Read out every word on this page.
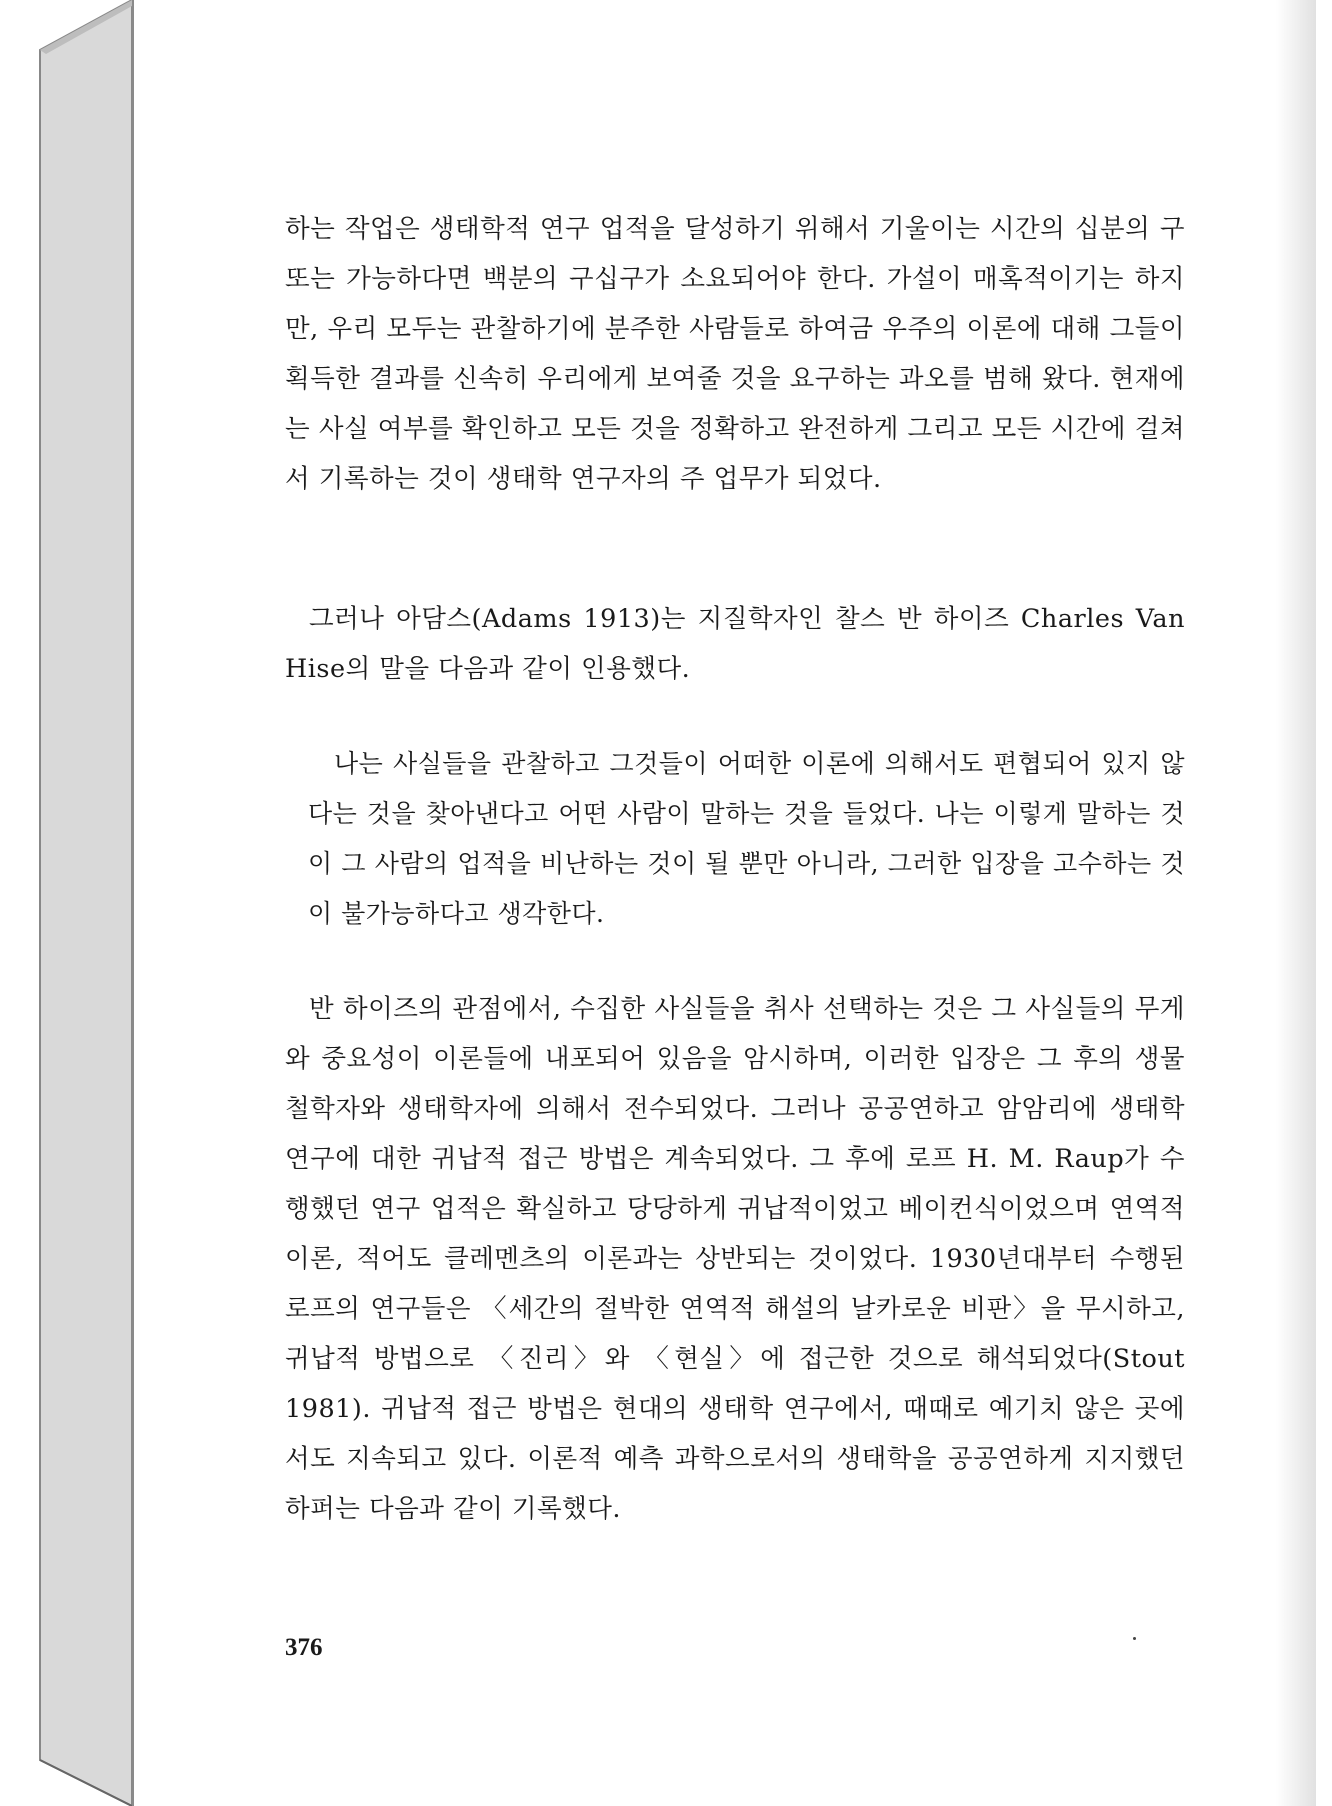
하는 작업은 생태학적 연구 업적을 달성하기 위해서 기울이는 시간의 십분의 구 또는 가능하다면 백분의 구십구가 소요되어야 한다. 가설이 매혹적이기는 하지만, 우리 모두는 관찰하기에 분주한 사람들로 하여금 우주의 이론에 대해 그들이 획득한 결과를 신속히 우리에게 보여줄 것을 요구하는 과오를 범해 왔다. 현재에는 사실 여부를 확인하고 모든 것을 정확하고 완전하게 그리고 모든 시간에 걸쳐서 기록하는 것이 생태학 연구자의 주 업무가 되었다.
그러나 아담스(Adams 1913)는 지질학자인 찰스 반 하이즈 Charles Van Hise의 말을 다음과 같이 인용했다.
나는 사실들을 관찰하고 그것들이 어떠한 이론에 의해서도 편협되어 있지 않다는 것을 찾아낸다고 어떤 사람이 말하는 것을 들었다. 나는 이렇게 말하는 것이 그 사람의 업적을 비난하는 것이 될 뿐만 아니라, 그러한 입장을 고수하는 것이 불가능하다고 생각한다.
반 하이즈의 관점에서, 수집한 사실들을 취사 선택하는 것은 그 사실들의 무게와 중요성이 이론들에 내포되어 있음을 암시하며, 이러한 입장은 그 후의 생물 철학자와 생태학자에 의해서 전수되었다. 그러나 공공연하고 암암리에 생태학 연구에 대한 귀납적 접근 방법은 계속되었다. 그 후에 로프 H. M. Raup가 수행했던 연구 업적은 확실하고 당당하게 귀납적이었고 베이컨식이었으며 연역적 이론, 적어도 클레멘츠의 이론과는 상반되는 것이었다. 1930년대부터 수행된 로프의 연구들은 〈세간의 절박한 연역적 해설의 날카로운 비판〉을 무시하고, 귀납적 방법으로 〈진리〉와 〈현실〉에 접근한 것으로 해석되었다(Stout 1981). 귀납적 접근 방법은 현대의 생태학 연구에서, 때때로 예기치 않은 곳에서도 지속되고 있다. 이론적 예측 과학으로서의 생태학을 공공연하게 지지했던 하퍼는 다음과 같이 기록했다.
376
